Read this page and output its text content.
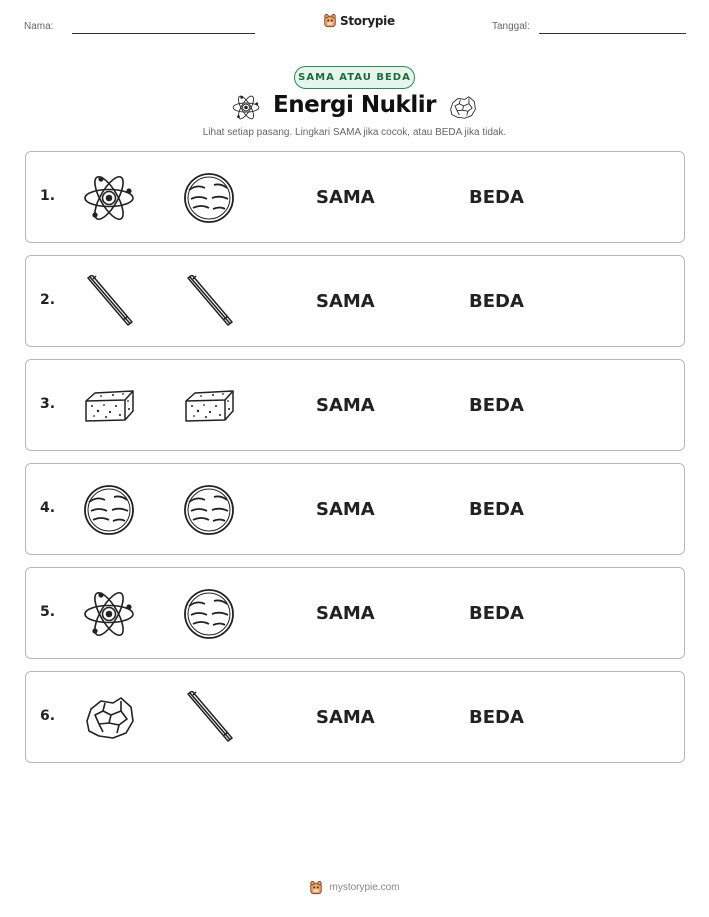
Nama:	Storypie	Tanggal:
SAMA ATAU BEDA
Energi Nuklir
Lihat setiap pasang. Lingkari SAMA jika cocok, atau BEDA jika tidak.
1.	SAMA	BEDA
2.	SAMA	BEDA
3.	SAMA	BEDA
4.	SAMA	BEDA
5.	SAMA	BEDA
6.	SAMA	BEDA
mystorypie.com
